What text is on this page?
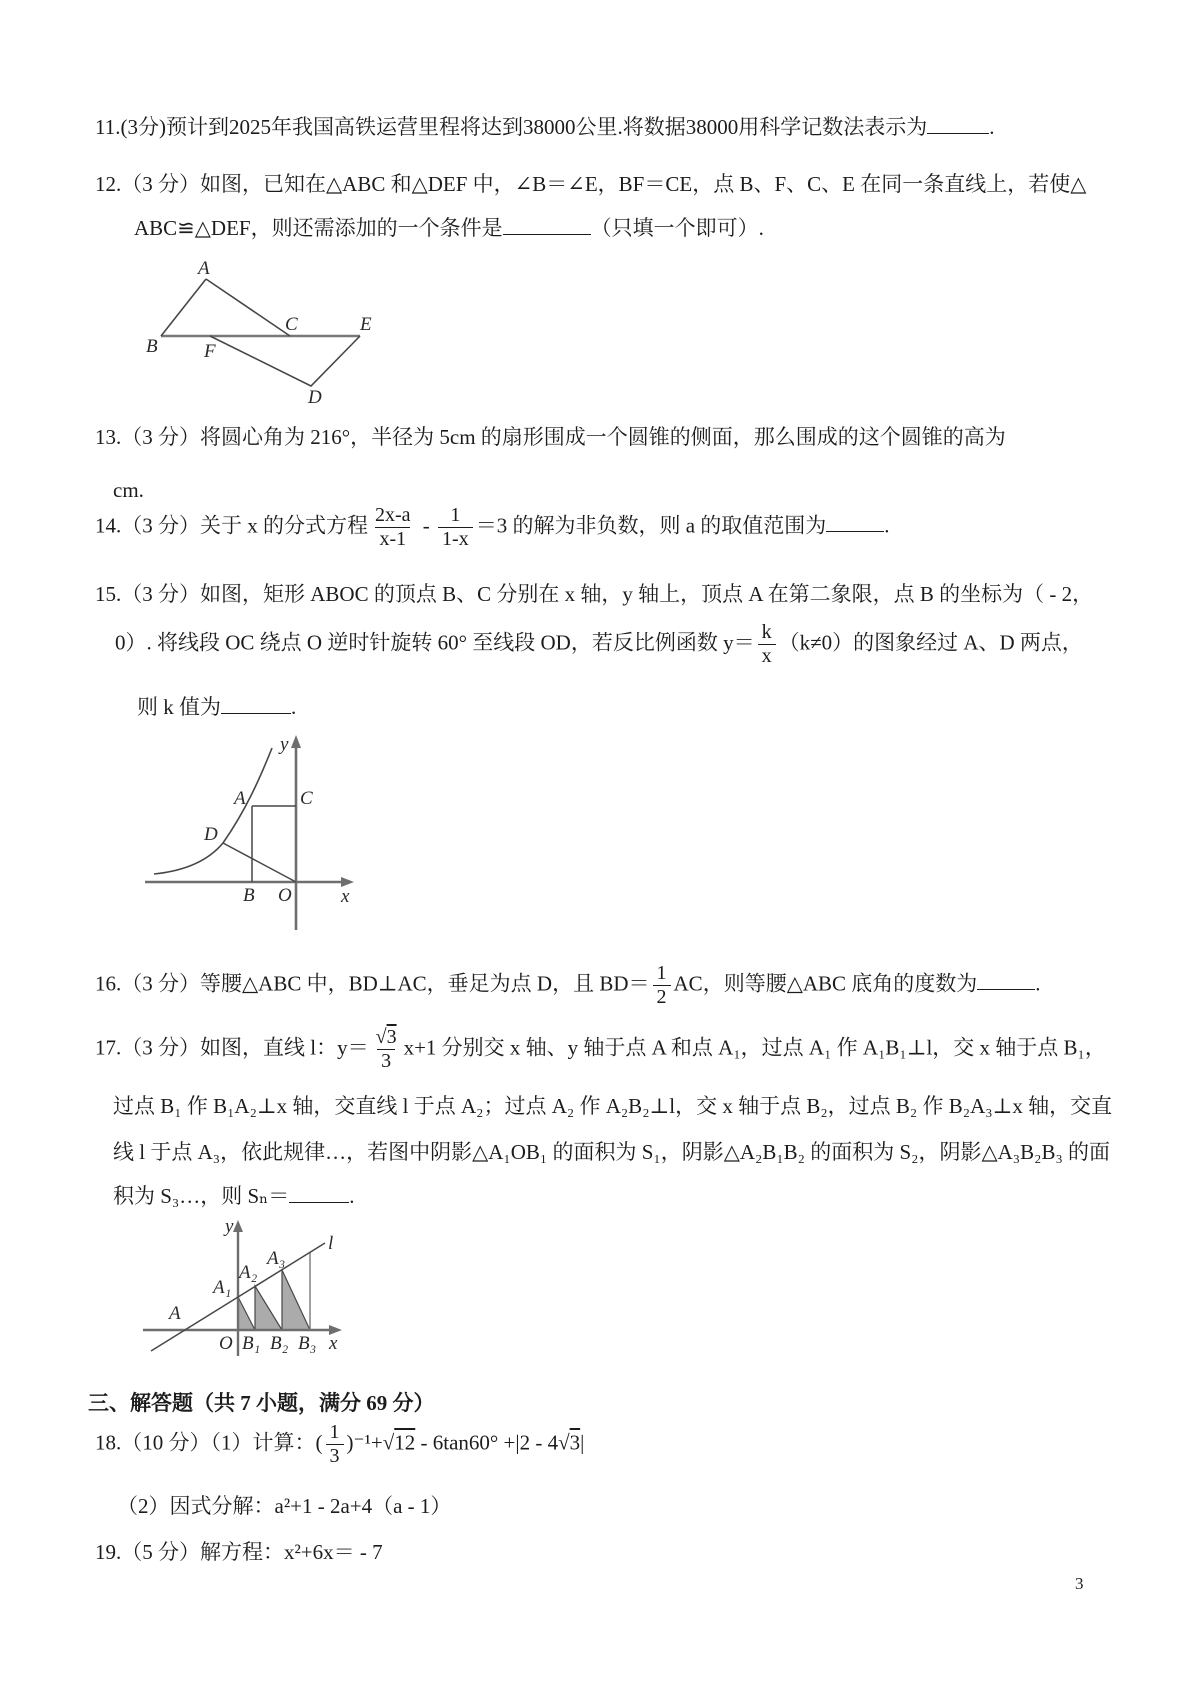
11.(3分)预计到2025年我国高铁运营里程将达到38000公里.将数据38000用科学记数法表示为	.
12.（3 分）如图，已知在△ABC 和△DEF 中，∠B＝∠E，BF＝CE，点 B、F、C、E 在同一条直线上，若使△
ABC≌△DEF，则还需添加的一个条件是	（只填一个即可）.
A
B
C	E
F
D
13.（3 分）将圆心角为 216°，半径为 5cm 的扇形围成一个圆锥的侧面，那么围成的这个圆锥的高为
cm.
14.（3 分）关于 x 的分式方程 $\frac{2x-a}{x-1} - \frac{1}{1-x} =3$ 的解为非负数，则 a 的取值范围为	.
15.（3 分）如图，矩形 ABOC 的顶点 B、C 分别在 x 轴，y 轴上，顶点 A 在第二象限，点 B 的坐标为（ - 2，
0）. 将线段 OC 绕点 O 逆时针旋转 60° 至线段 OD，若反比例函数 $y= \frac{k}{x} (k\ne 0)$的图象经过 A、D 两点，
则 k 值为	.
y
x
A	C
D
B O
16.（3 分）等腰△ABC 中，BD⊥AC，垂足为点 D，且 $BD= \frac{1}{2}$ AC，则等腰△ABC 底角的度数为	.
17.（3 分）如图，直线 l：$y= \frac{√3}{3} x+1$ 分别交 x 轴、y 轴于点 A 和点 A₁，过点 A₁ 作 A₁B₁⊥l，交 x 轴于点 B₁，
过点 B₁ 作 B₁A₂⊥x 轴，交直线 l 于点 A₂；过点 A₂ 作 A₂B₂⊥l，交 x 轴于点 B₂，过点 B₂ 作 B₂A₃⊥x 轴，交直
线 l 于点 A₃，依此规律…，若图中阴影△A₁OB₁ 的面积为 S₁，阴影△A₂B₁B₂ 的面积为 S₂，阴影△A₃B₂B₃ 的面
积为 S₃…，则 Sₙ＝	.
l
y
x
O
A
A₁
A₂
A₃
B₁ B₂ B₃
三、解答题（共 7 小题，满分 69 分）
18.（10 分）（1）计算：( $\frac{1}{3} )^{-1}+√12 - 6\tan 60^\circ +|2 - 4√3|$
（2）因式分解：a²+1 - 2a+4（a - 1）
19.（5 分）解方程：x²+6x＝ - 7
3
